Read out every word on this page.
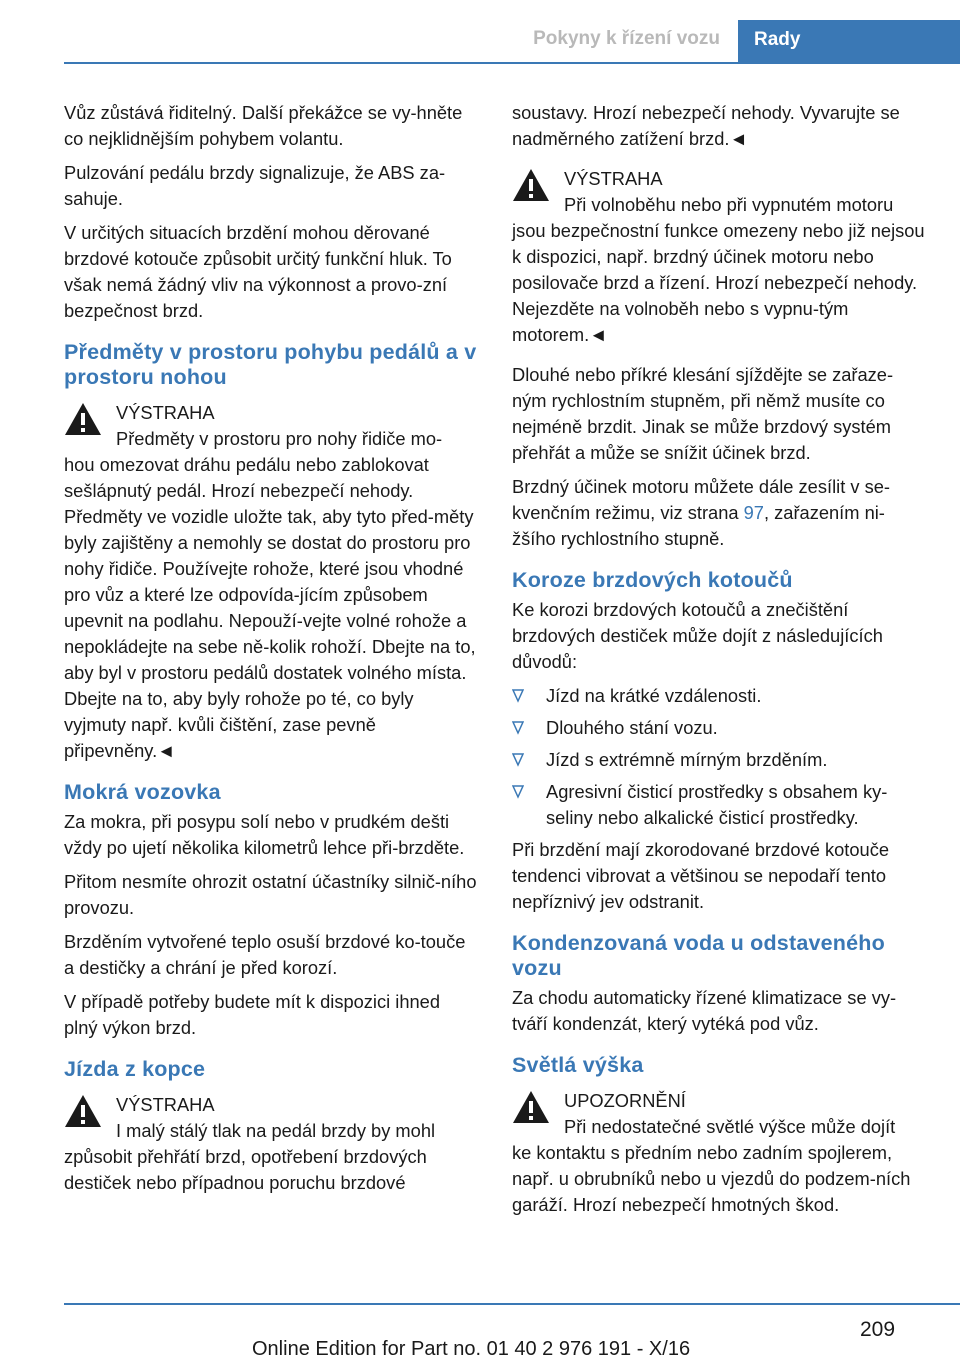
Pokyny k řízení vozu	Rady

Vůz zůstává řiditelný. Další překážce se vy-hněte co nejklidnějším pohybem volantu.

Pulzování pedálu brzdy signalizuje, že ABS za-sahuje.

V určitých situacích brzdění mohou děrované brzdové kotouče způsobit určitý funkční hluk. To však nemá žádný vliv na výkonnost a provo-zní bezpečnost brzd.

Předměty v prostoru pohybu pedálů a v prostoru nohou
VÝSTRAHA

Předměty v prostoru pro nohy řidiče mo-
hou omezovat dráhu pedálu nebo zablokovat sešlápnutý pedál. Hrozí nebezpečí nehody. Předměty ve vozidle uložte tak, aby tyto před-měty byly zajištěny a nemohly se dostat do prostoru pro nohy řidiče. Používejte rohože, které jsou vhodné pro vůz a které lze odpovída-jícím způsobem upevnit na podlahu. Nepouží-vejte volné rohože a nepokládejte na sebe ně-kolik rohoží. Dbejte na to, aby byl v prostoru pedálů dostatek volného místa. Dbejte na to, aby byly rohože po té, co byly vyjmuty např. kvůli čištění, zase pevně připevněny.◄

Mokrá vozovka

Za mokra, při posypu solí nebo v prudkém dešti vždy po ujetí několika kilometrů lehce při-brzděte.

Přitom nesmíte ohrozit ostatní účastníky silnič-ního provozu.

Brzděním vytvořené teplo osuší brzdové ko-touče a destičky a chrání je před korozí.

V případě potřeby budete mít k dispozici ihned plný výkon brzd.

Jízda z kopce
VÝSTRAHA

I malý stálý tlak na pedál brzdy by mohl
způsobit přehřátí brzd, opotřebení brzdových destiček nebo případnou poruchu brzdové

soustavy. Hrozí nebezpečí nehody. Vyvarujte se nadměrného zatížení brzd.◄

VÝSTRAHA

Při volnoběhu nebo při vypnutém motoru
jsou bezpečnostní funkce omezeny nebo již nejsou k dispozici, např. brzdný účinek motoru nebo posilovače brzd a řízení. Hrozí nebezpečí nehody. Nejezděte na volnoběh nebo s vypnu-tým motorem.◄

Dlouhé nebo příkré klesání sjíždějte se zařaze-ným rychlostním stupněm, při němž musíte co nejméně brzdit. Jinak se může brzdový systém přehřát a může se snížit účinek brzd.

Brzdný účinek motoru můžete dále zesílit v se-kvenčním režimu, viz strana 97, zařazením ni-žšího rychlostního stupně.

Koroze brzdových kotoučů

Ke korozi brzdových kotoučů a znečištění brzdových destiček může dojít z následujících důvodů:

Jízd na krátké vzdálenosti.
Dlouhého stání vozu.
Jízd s extrémně mírným brzděním.
Agresivní čisticí prostředky s obsahem ky-seliny nebo alkalické čisticí prostředky.

Při brzdění mají zkorodované brzdové kotouče tendenci vibrovat a většinou se nepodaří tento nepříznivý jev odstranit.

Kondenzovaná voda u odstaveného vozu

Za chodu automaticky řízené klimatizace se vy-tváří kondenzát, který vytéká pod vůz.

Světlá výška
UPOZORNĚNÍ

Při nedostatečné světlé výšce může dojít
ke kontaktu s předním nebo zadním spojlerem, např. u obrubníků nebo u vjezdů do podzem-ních garáží. Hrozí nebezpečí hmotných škod.

209
Online Edition for Part no. 01 40 2 976 191 - X/16
